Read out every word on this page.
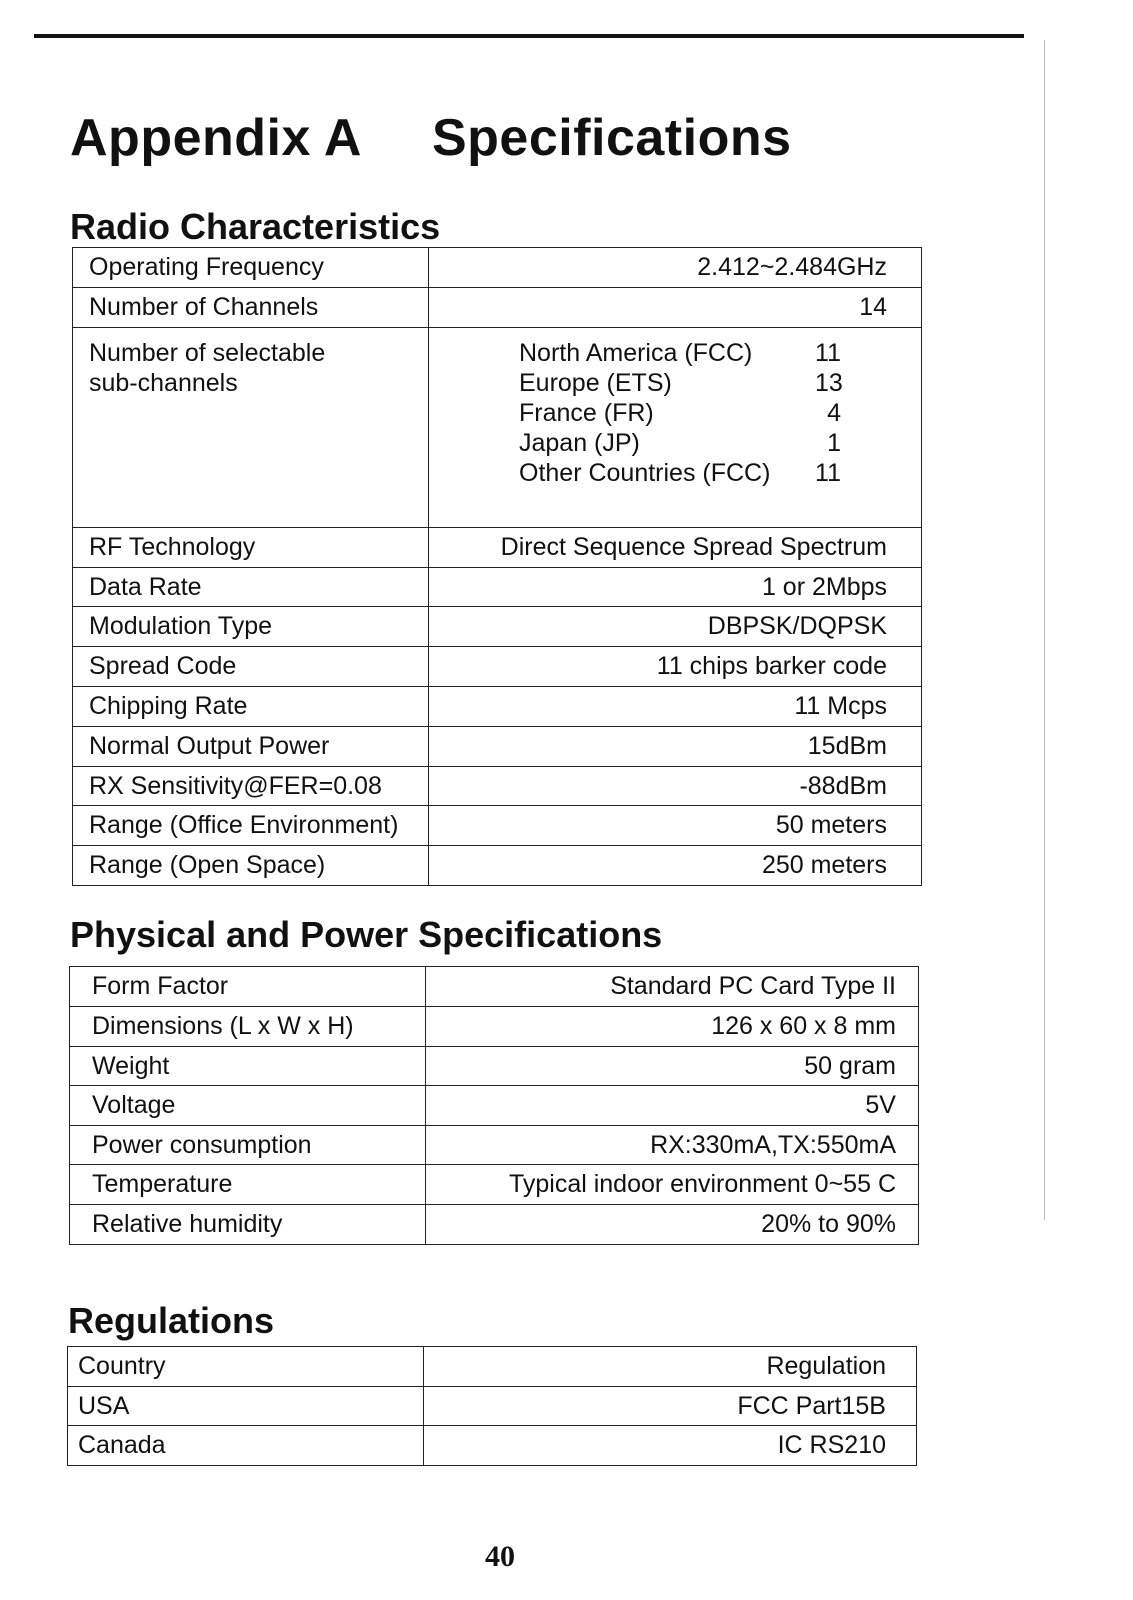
Appendix A Specifications
Radio Characteristics
Operating Frequency	2.412~2.484GHz
Number of Channels	14
Number of selectable sub-channels	North America (FCC) 11
Europe (ETS) 13
France (FR) 4
Japan (JP) 1
Other Countries (FCC) 11

RF Technology	Direct Sequence Spread Spectrum
Data Rate	1 or 2Mbps
Modulation Type	DBPSK/DQPSK
Spread Code	11 chips barker code
Chipping Rate	11 Mcps
Normal Output Power	15dBm
RX Sensitivity@FER=0.08	-88dBm
Range (Office Environment)	50 meters
Range (Open Space)	250 meters
Physical and Power Specifications
Form Factor	Standard PC Card Type II
Dimensions (L x W x H)	126 x 60 x 8 mm
Weight	50 gram
Voltage	5V
Power consumption	RX:330mA,TX:550mA
Temperature	Typical indoor environment 0~55 C
Relative humidity	20% to 90%
Regulations
Country	Regulation
USA	FCC Part15B
Canada	IC RS210
40
